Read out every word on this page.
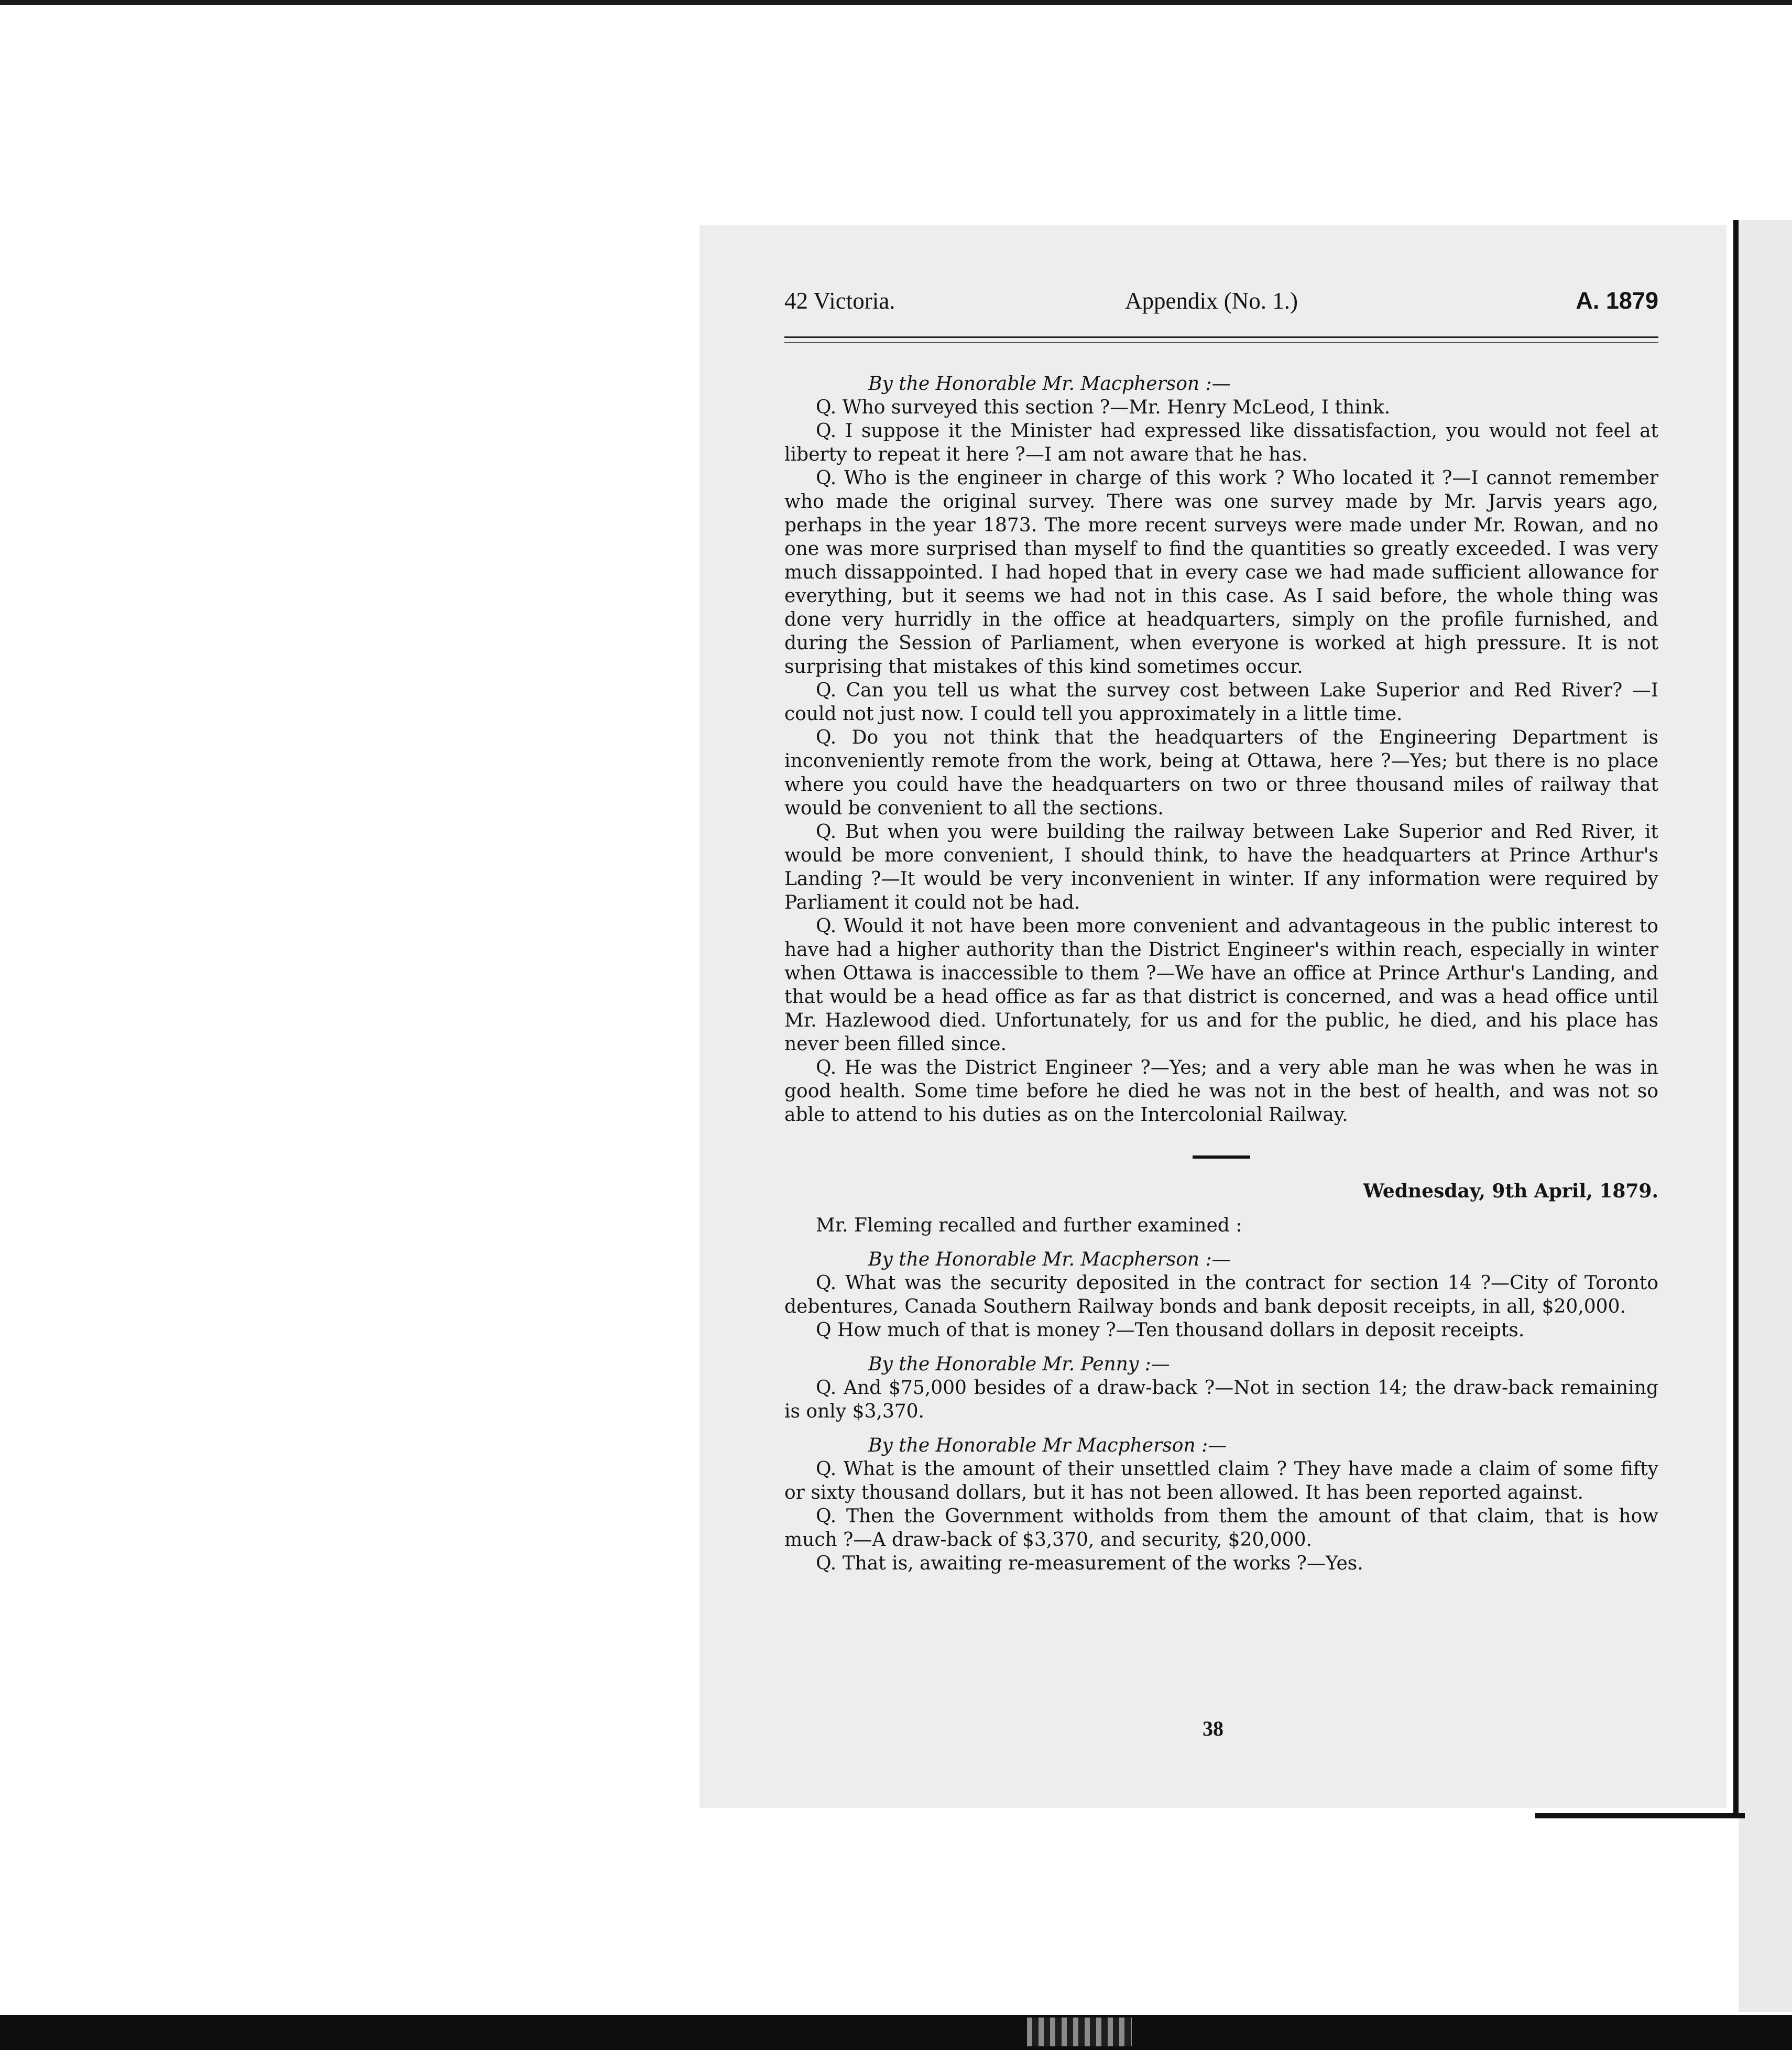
42 Victoria.	Appendix (No. 1.)	A. 1879

By the Honorable Mr. Macpherson :—

Q. Who surveyed this section ?—Mr. Henry McLeod, I think.

Q. I suppose it the Minister had expressed like dissatisfaction, you would not feel at liberty to repeat it here ?—I am not aware that he has.

Q. Who is the engineer in charge of this work ? Who located it ?—I cannot remember who made the original survey. There was one survey made by Mr. Jarvis years ago, perhaps in the year 1873. The more recent surveys were made under Mr. Rowan, and no one was more surprised than myself to find the quantities so greatly exceeded. I was very much dissappointed. I had hoped that in every case we had made sufficient allowance for everything, but it seems we had not in this case. As I said before, the whole thing was done very hurridly in the office at headquarters, simply on the profile furnished, and during the Session of Parliament, when everyone is worked at high pressure. It is not surprising that mistakes of this kind sometimes occur.

Q. Can you tell us what the survey cost between Lake Superior and Red River? —I could not just now. I could tell you approximately in a little time.

Q. Do you not think that the headquarters of the Engineering Department is inconveniently remote from the work, being at Ottawa, here ?—Yes; but there is no place where you could have the headquarters on two or three thousand miles of railway that would be convenient to all the sections.

Q. But when you were building the railway between Lake Superior and Red River, it would be more convenient, I should think, to have the headquarters at Prince Arthur's Landing ?—It would be very inconvenient in winter. If any information were required by Parliament it could not be had.

Q. Would it not have been more convenient and advantageous in the public interest to have had a higher authority than the District Engineer's within reach, especially in winter when Ottawa is inaccessible to them ?—We have an office at Prince Arthur's Landing, and that would be a head office as far as that district is concerned, and was a head office until Mr. Hazlewood died. Unfortunately, for us and for the public, he died, and his place has never been filled since.

Q. He was the District Engineer ?—Yes; and a very able man he was when he was in good health. Some time before he died he was not in the best of health, and was not so able to attend to his duties as on the Intercolonial Railway.

Wednesday, 9th April, 1879.

Mr. Fleming recalled and further examined :

By the Honorable Mr. Macpherson :—

Q. What was the security deposited in the contract for section 14 ?—City of Toronto debentures, Canada Southern Railway bonds and bank deposit receipts, in all, $20,000.

Q How much of that is money ?—Ten thousand dollars in deposit receipts.

By the Honorable Mr. Penny :—

Q. And $75,000 besides of a draw-back ?—Not in section 14; the draw-back remaining is only $3,370.

By the Honorable Mr Macpherson :—

Q. What is the amount of their unsettled claim ? They have made a claim of some fifty or sixty thousand dollars, but it has not been allowed. It has been reported against.

Q. Then the Government witholds from them the amount of that claim, that is how much ?—A draw-back of $3,370, and security, $20,000.

Q. That is, awaiting re-measurement of the works ?—Yes.

38
